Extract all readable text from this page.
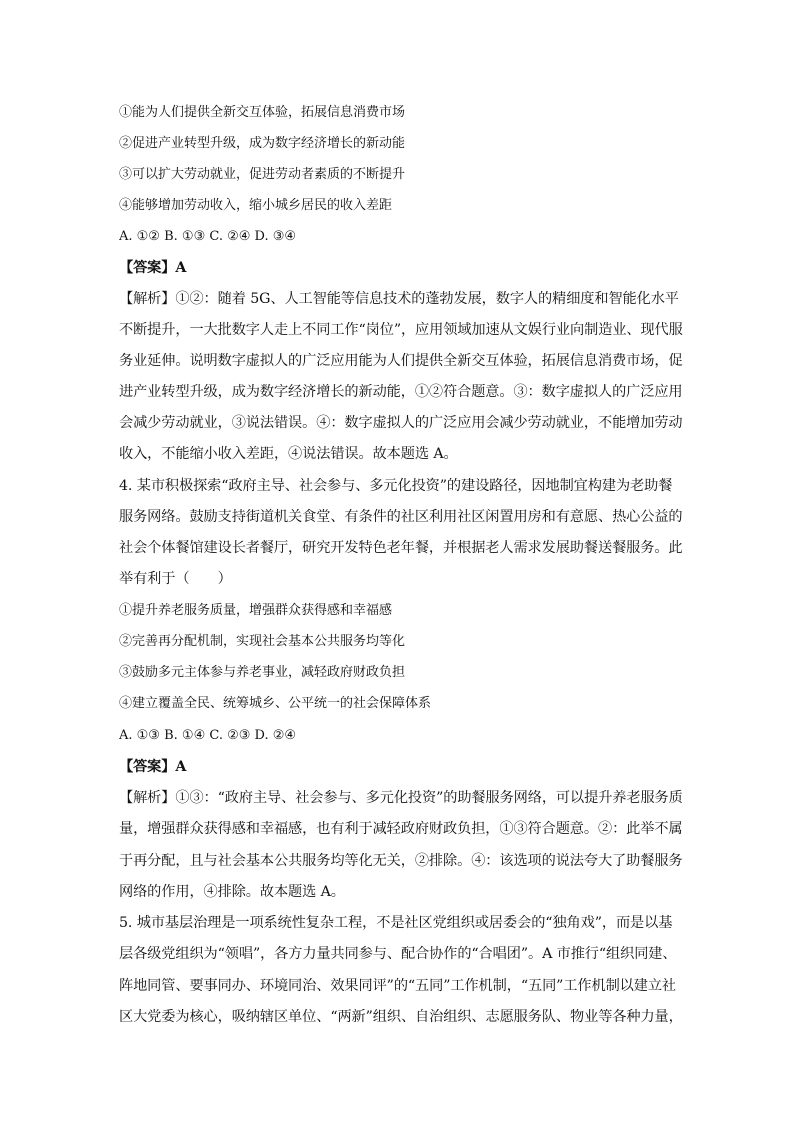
①能为人们提供全新交互体验，拓展信息消费市场
②促进产业转型升级，成为数字经济增长的新动能
③可以扩大劳动就业，促进劳动者素质的不断提升
④能够增加劳动收入，缩小城乡居民的收入差距
A. ①② B. ①③ C. ②④ D. ③④
【答案】A
【解析】①②：随着 5G、人工智能等信息技术的蓬勃发展，数字人的精细度和智能化水平
不断提升，一大批数字人走上不同工作“岗位”，应用领域加速从文娱行业向制造业、现代服
务业延伸。说明数字虚拟人的广泛应用能为人们提供全新交互体验，拓展信息消费市场，促
进产业转型升级，成为数字经济增长的新动能，①②符合题意。③：数字虚拟人的广泛应用
会减少劳动就业，③说法错误。④：数字虚拟人的广泛应用会减少劳动就业，不能增加劳动
收入，不能缩小收入差距，④说法错误。故本题选 A。
4. 某市积极探索“政府主导、社会参与、多元化投资”的建设路径，因地制宜构建为老助餐
服务网络。鼓励支持街道机关食堂、有条件的社区利用社区闲置用房和有意愿、热心公益的
社会个体餐馆建设长者餐厅，研究开发特色老年餐，并根据老人需求发展助餐送餐服务。此
举有利于（　　）
①提升养老服务质量，增强群众获得感和幸福感
②完善再分配机制，实现社会基本公共服务均等化
③鼓励多元主体参与养老事业，减轻政府财政负担
④建立覆盖全民、统筹城乡、公平统一的社会保障体系
A. ①③ B. ①④ C. ②③ D. ②④
【答案】A
【解析】①③：“政府主导、社会参与、多元化投资”的助餐服务网络，可以提升养老服务质
量，增强群众获得感和幸福感，也有利于减轻政府财政负担，①③符合题意。②：此举不属
于再分配，且与社会基本公共服务均等化无关，②排除。④：该选项的说法夸大了助餐服务
网络的作用，④排除。故本题选 A。
5. 城市基层治理是一项系统性复杂工程，不是社区党组织或居委会的“独角戏”，而是以基
层各级党组织为“领唱”，各方力量共同参与、配合协作的“合唱团”。A 市推行“组织同建、
阵地同管、要事同办、环境同治、效果同评”的“五同”工作机制，“五同”工作机制以建立社
区大党委为核心，吸纳辖区单位、“两新”组织、自治组织、志愿服务队、物业等各种力量，
